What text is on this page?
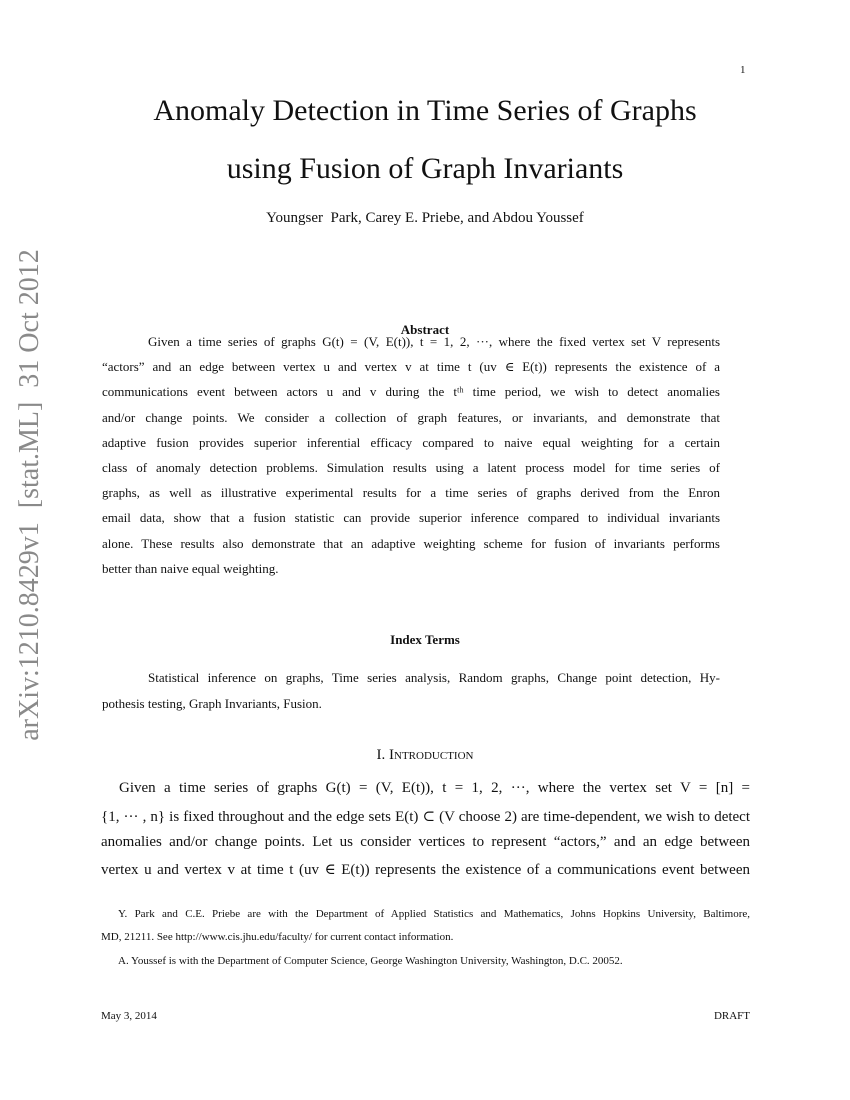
1
arXiv:1210.8429v1  [stat.ML]  31 Oct 2012
Anomaly Detection in Time Series of Graphs
using Fusion of Graph Invariants
Youngser  Park, Carey E. Priebe, and Abdou Youssef
Abstract
Given a time series of graphs G(t) = (V, E(t)), t = 1, 2, ···, where the fixed vertex set V represents
“actors” and an edge between vertex u and vertex v at time t (uv ∈ E(t)) represents the existence of a
communications event between actors u and v during the tᵗʰ time period, we wish to detect anomalies
and/or change points. We consider a collection of graph features, or invariants, and demonstrate that
adaptive fusion provides superior inferential efficacy compared to naive equal weighting for a certain
class of anomaly detection problems. Simulation results using a latent process model for time series of
graphs, as well as illustrative experimental results for a time series of graphs derived from the Enron
email data, show that a fusion statistic can provide superior inference compared to individual invariants
alone. These results also demonstrate that an adaptive weighting scheme for fusion of invariants performs
better than naive equal weighting.
Index Terms
Statistical inference on graphs, Time series analysis, Random graphs, Change point detection, Hy-
pothesis testing, Graph Invariants, Fusion.
I. Introduction
Given a time series of graphs G(t) = (V, E(t)), t = 1, 2, ···, where the vertex set V = [n] =
{1, ··· , n} is fixed throughout and the edge sets E(t) ⊂ (V choose 2) are time-dependent, we wish to detect
anomalies and/or change points. Let us consider vertices to represent “actors,” and an edge between
vertex u and vertex v at time t (uv ∈ E(t)) represents the existence of a communications event between
Y. Park and C.E. Priebe are with the Department of Applied Statistics and Mathematics, Johns Hopkins University, Baltimore,
MD, 21211. See http://www.cis.jhu.edu/faculty/ for current contact information.
A. Youssef is with the Department of Computer Science, George Washington University, Washington, D.C. 20052.
May 3, 2014	DRAFT
